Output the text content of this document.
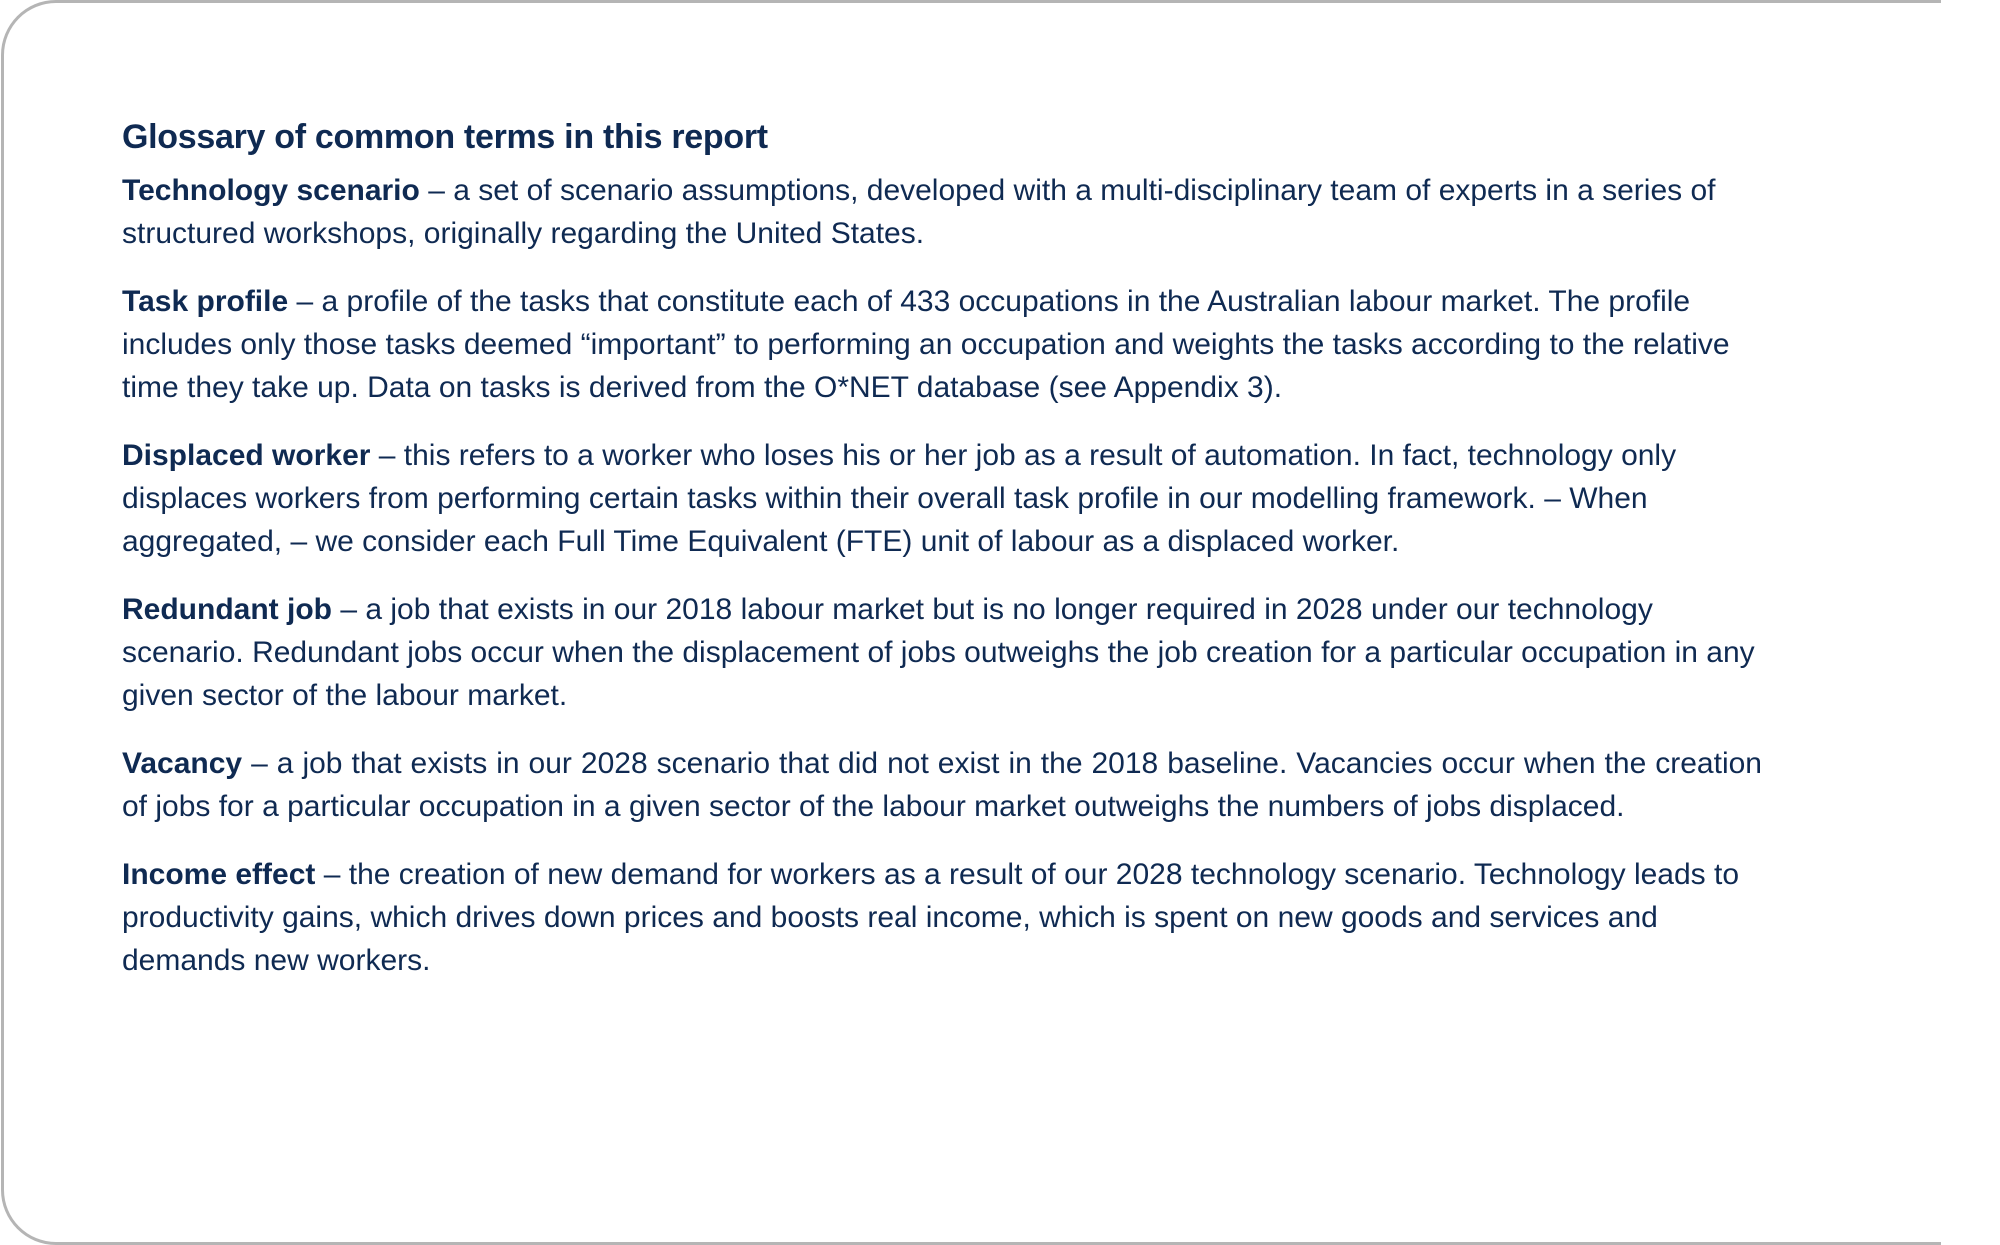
Glossary of common terms in this report

Technology scenario – a set of scenario assumptions, developed with a multi-disciplinary team of experts in a series of structured workshops, originally regarding the United States.

Task profile – a profile of the tasks that constitute each of 433 occupations in the Australian labour market. The profile includes only those tasks deemed “important” to performing an occupation and weights the tasks according to the relative time they take up. Data on tasks is derived from the O*NET database (see Appendix 3).

Displaced worker – this refers to a worker who loses his or her job as a result of automation. In fact, technology only displaces workers from performing certain tasks within their overall task profile in our modelling framework. – When aggregated, – we consider each Full Time Equivalent (FTE) unit of labour as a displaced worker.

Redundant job – a job that exists in our 2018 labour market but is no longer required in 2028 under our technology scenario. Redundant jobs occur when the displacement of jobs outweighs the job creation for a particular occupation in any given sector of the labour market.

Vacancy – a job that exists in our 2028 scenario that did not exist in the 2018 baseline. Vacancies occur when the creation of jobs for a particular occupation in a given sector of the labour market outweighs the numbers of jobs displaced.

Income effect – the creation of new demand for workers as a result of our 2028 technology scenario. Technology leads to productivity gains, which drives down prices and boosts real income, which is spent on new goods and services and demands new workers.
